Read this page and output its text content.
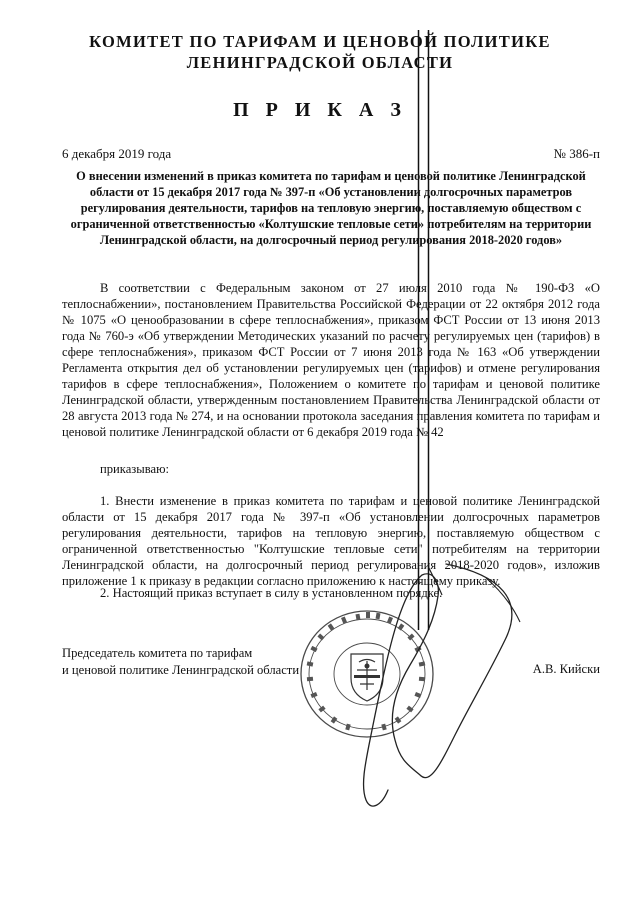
КОМИТЕТ ПО ТАРИФАМ И ЦЕНОВОЙ ПОЛИТИКЕ
ЛЕНИНГРАДСКОЙ ОБЛАСТИ
П Р И К А З
6 декабря 2019 года	№ 386-п
О внесении изменений в приказ комитета по тарифам и ценовой политике Ленинградской области от 15 декабря 2017 года № 397-п «Об установлении долгосрочных параметров регулирования деятельности, тарифов на тепловую энергию, поставляемую обществом с ограниченной ответственностью «Колтушские тепловые сети» потребителям на территории Ленинградской области, на долгосрочный период регулирования 2018-2020 годов»
В соответствии с Федеральным законом от 27 июля 2010 года № 190-ФЗ «О теплоснабжении», постановлением Правительства Российской Федерации от 22 октября 2012 года № 1075 «О ценообразовании в сфере теплоснабжения», приказом ФСТ России от 13 июня 2013 года № 760-э «Об утверждении Методических указаний по расчету регулируемых цен (тарифов) в сфере теплоснабжения», приказом ФСТ России от 7 июня 2013 года № 163 «Об утверждении Регламента открытия дел об установлении регулируемых цен (тарифов) и отмене регулирования тарифов в сфере теплоснабжения», Положением о комитете по тарифам и ценовой политике Ленинградской области, утвержденным постановлением Правительства Ленинградской области от 28 августа 2013 года № 274, и на основании протокола заседания правления комитета по тарифам и ценовой политике Ленинградской области от 6 декабря 2019 года № 42
приказываю:
1. Внести изменение в приказ комитета по тарифам и ценовой политике Ленинградской области от 15 декабря 2017 года № 397-п «Об установлении долгосрочных параметров регулирования деятельности, тарифов на тепловую энергию, поставляемую обществом с ограниченной ответственностью "Колтушские тепловые сети" потребителям на территории Ленинградской области, на долгосрочный период регулирования 2018-2020 годов», изложив приложение 1 к приказу в редакции согласно приложению к настоящему приказу.
2. Настоящий приказ вступает в силу в установленном порядке.
Председатель комитета по тарифам
и ценовой политике Ленинградской области	А.В. Кийски
